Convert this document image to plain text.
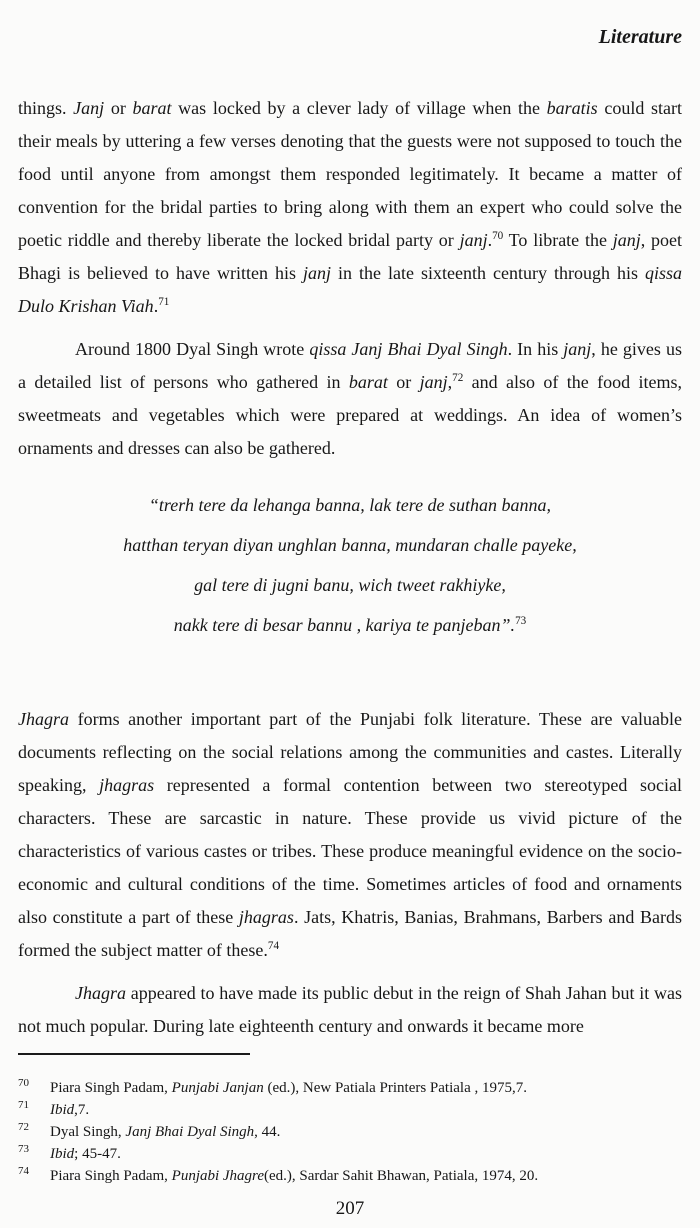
Literature

things. Janj or barat was locked by a clever lady of village when the baratis could start their meals by uttering a few verses denoting that the guests were not supposed to touch the food until anyone from amongst them responded legitimately. It became a matter of convention for the bridal parties to bring along with them an expert who could solve the poetic riddle and thereby liberate the locked bridal party or janj.$^{70}$ To librate the janj, poet Bhagi is believed to have written his janj in the late sixteenth century through his qissa Dulo Krishan Viah.$^{71}$

Around 1800 Dyal Singh wrote qissa Janj Bhai Dyal Singh. In his janj, he gives us a detailed list of persons who gathered in barat or janj,$^{72}$ and also of the food items, sweetmeats and vegetables which were prepared at weddings. An idea of women’s ornaments and dresses can also be gathered.

“trerh tere da lehanga banna, lak tere de suthan banna,
hatthan teryan diyan unghlan banna, mundaran challe payeke,
gal tere di jugni banu, wich tweet rakhiyke,
nakk tere di besar bannu , kariya te panjeban”.$^{73}$

Jhagra forms another important part of the Punjabi folk literature. These are valuable documents reflecting on the social relations among the communities and castes. Literally speaking, jhagras represented a formal contention between two stereotyped social characters. These are sarcastic in nature. These provide us vivid picture of the characteristics of various castes or tribes. These produce meaningful evidence on the socio- economic and cultural conditions of the time. Sometimes articles of food and ornaments also constitute a part of these jhagras. Jats, Khatris, Banias, Brahmans, Barbers and Bards formed the subject matter of these.$^{74}$

Jhagra appeared to have made its public debut in the reign of Shah Jahan but it was not much popular. During late eighteenth century and onwards it became more

$^{70}$ Piara Singh Padam, Punjabi Janjan (ed.), New Patiala Printers Patiala , 1975,7.
$^{71}$ Ibid,7.
$^{72}$ Dyal Singh, Janj Bhai Dyal Singh, 44.
$^{73}$ Ibid; 45-47.
$^{74}$ Piara Singh Padam, Punjabi Jhagre(ed.), Sardar Sahit Bhawan, Patiala, 1974, 20.
207
